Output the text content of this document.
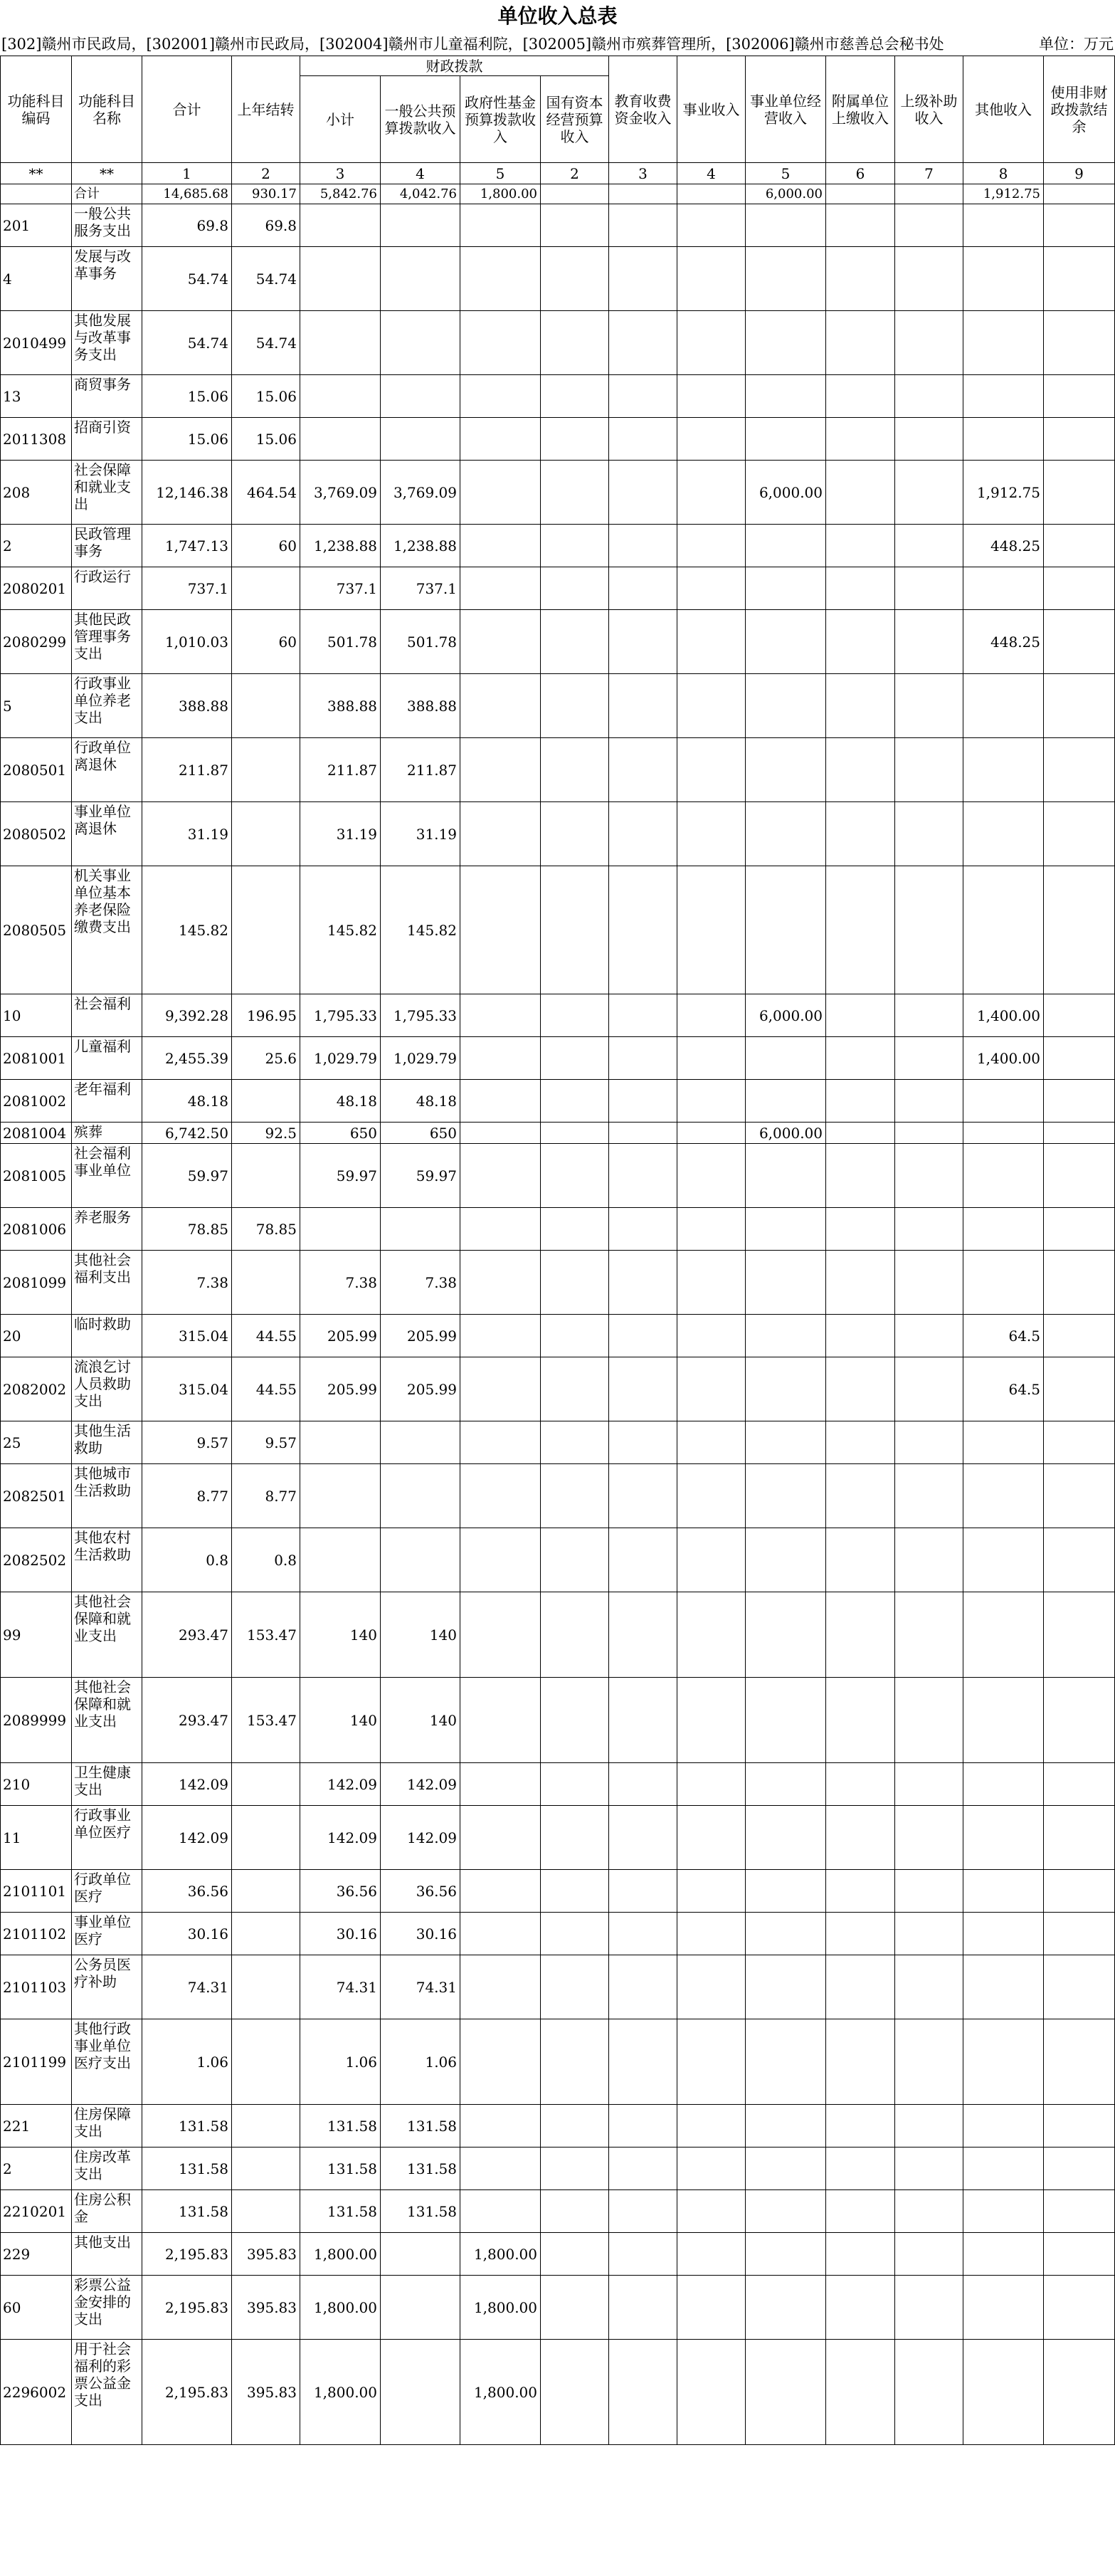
单位收入总表
[302]赣州市民政局，[302001]赣州市民政局，[302004]赣州市儿童福利院，[302005]赣州市殡葬管理所，[302006]赣州市慈善总会秘书处	单位：万元
功能科目编码	功能科目名称	合计	上年结转	财政拨款				教育收费资金收入	事业收入	事业单位经营收入	附属单位上缴收入	上级补助收入	其他收入	使用非财政拨款结余
				小计	一般公共预算拨款收入	政府性基金预算拨款收入	国有资本经营预算收入							
**	**	1	2	3	4	5	2	3	4	5	6	7	8	9
	合计	14,685.68	930.17	5,842.76	4,042.76	1,800.00				6,000.00			1,912.75	
201	一般公共服务支出	69.8	69.8											
4	发展与改革事务	54.74	54.74											
2010499	其他发展与改革事务支出	54.74	54.74											
13	商贸事务	15.06	15.06											
2011308	招商引资	15.06	15.06											
208	社会保障和就业支出	12,146.38	464.54	3,769.09	3,769.09					6,000.00			1,912.75	
2	民政管理事务	1,747.13	60	1,238.88	1,238.88								448.25	
2080201	行政运行	737.1		737.1	737.1									
2080299	其他民政管理事务支出	1,010.03	60	501.78	501.78								448.25	
5	行政事业单位养老支出	388.88		388.88	388.88									
2080501	行政单位离退休	211.87		211.87	211.87									
2080502	事业单位离退休	31.19		31.19	31.19									
2080505	机关事业单位基本养老保险缴费支出	145.82		145.82	145.82									
10	社会福利	9,392.28	196.95	1,795.33	1,795.33					6,000.00			1,400.00	
2081001	儿童福利	2,455.39	25.6	1,029.79	1,029.79								1,400.00	
2081002	老年福利	48.18		48.18	48.18									
2081004	殡葬	6,742.50	92.5	650	650					6,000.00				
2081005	社会福利事业单位	59.97		59.97	59.97									
2081006	养老服务	78.85	78.85											
2081099	其他社会福利支出	7.38		7.38	7.38									
20	临时救助	315.04	44.55	205.99	205.99								64.5	
2082002	流浪乞讨人员救助支出	315.04	44.55	205.99	205.99								64.5	
25	其他生活救助	9.57	9.57											
2082501	其他城市生活救助	8.77	8.77											
2082502	其他农村生活救助	0.8	0.8											
99	其他社会保障和就业支出	293.47	153.47	140	140									
2089999	其他社会保障和就业支出	293.47	153.47	140	140									
210	卫生健康支出	142.09		142.09	142.09									
11	行政事业单位医疗	142.09		142.09	142.09									
2101101	行政单位医疗	36.56		36.56	36.56									
2101102	事业单位医疗	30.16		30.16	30.16									
2101103	公务员医疗补助	74.31		74.31	74.31									
2101199	其他行政事业单位医疗支出	1.06		1.06	1.06									
221	住房保障支出	131.58		131.58	131.58									
2	住房改革支出	131.58		131.58	131.58									
2210201	住房公积金	131.58		131.58	131.58									
229	其他支出	2,195.83	395.83	1,800.00		1,800.00								
60	彩票公益金安排的支出	2,195.83	395.83	1,800.00		1,800.00								
2296002	用于社会福利的彩票公益金支出	2,195.83	395.83	1,800.00		1,800.00								
